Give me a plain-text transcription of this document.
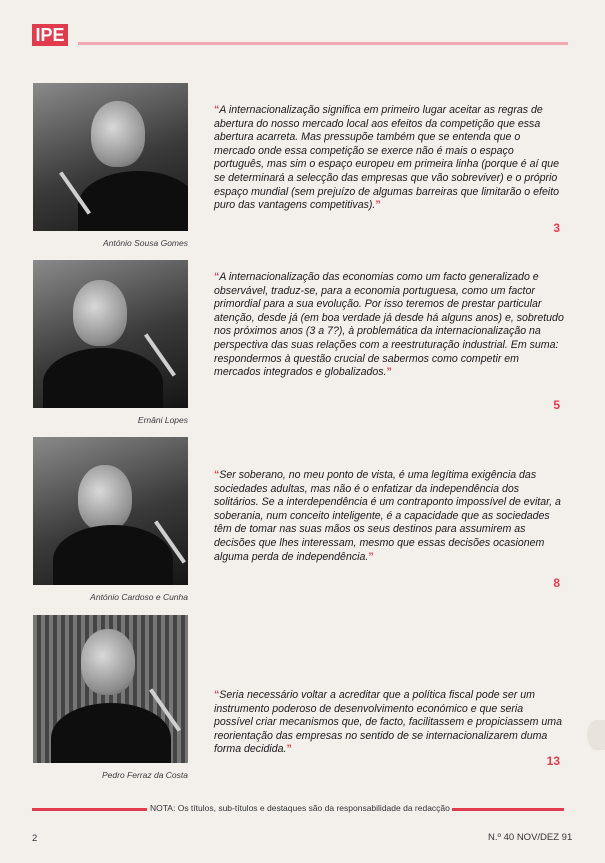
IPE
António Sousa Gomes
“A internacionalização significa em primeiro lugar aceitar as regras de abertura do nosso mercado local aos efeitos da competição que essa abertura acarreta. Mas pressupõe também que se entenda que o mercado onde essa competição se exerce não é mais o espaço português, mas sim o espaço europeu em primeira linha (porque é aí que se determinará a selecção das empresas que vão sobreviver) e o próprio espaço mundial (sem prejuízo de algumas barreiras que limitarão o efeito puro das vantagens competitivas).”
3
Ernâni Lopes
“A internacionalização das economias como um facto generalizado e observável, traduz-se, para a economia portuguesa, como um factor primordial para a sua evolução. Por isso teremos de prestar particular atenção, desde já (em boa verdade já desde há alguns anos) e, sobretudo nos próximos anos (3 a 7?), à problemática da internacionalização na perspectiva das suas relações com a reestruturação industrial. Em suma: respondermos à questão crucial de sabermos como competir em mercados integrados e globalizados.”
5
António Cardoso e Cunha
“Ser soberano, no meu ponto de vista, é uma legítima exigência das sociedades adultas, mas não é o enfatizar da independência dos solitários. Se a interdependência é um contraponto impossível de evitar, a soberania, num conceito inteligente, é a capacidade que as sociedades têm de tomar nas suas mãos os seus destinos para assumirem as decisões que lhes interessam, mesmo que essas decisões ocasionem alguma perda de independência.”
8
Pedro Ferraz da Costa
“Seria necessário voltar a acreditar que a política fiscal pode ser um instrumento poderoso de desenvolvimento económico e que seria possível criar mecanismos que, de facto, facilitassem e propiciassem uma reorientação das empresas no sentido de se internacionalizarem duma forma decidida.”
13
NOTA: Os títulos, sub-títulos e destaques são da responsabilidade da redacção
2	N.º 40 NOV/DEZ 91
